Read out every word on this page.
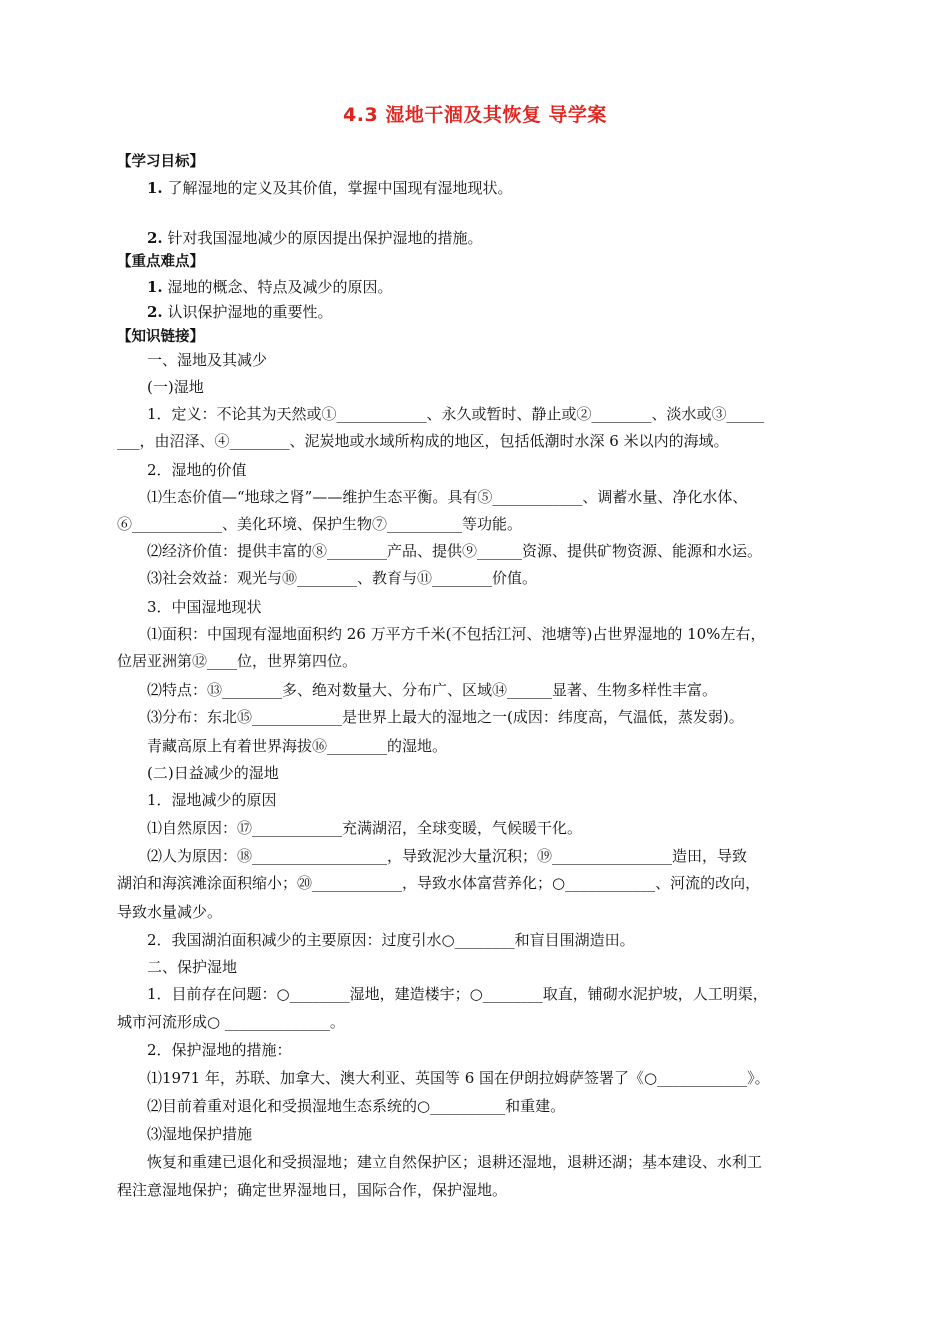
4.3 湿地干涸及其恢复 导学案
【学习目标】
1. 了解湿地的定义及其价值，掌握中国现有湿地现状。
2. 针对我国湿地减少的原因提出保护湿地的措施。
【重点难点】
1. 湿地的概念、特点及减少的原因。
2. 认识保护湿地的重要性。
【知识链接】
一、湿地及其减少
(一)湿地
1．定义：不论其为天然或①____________、永久或暂时、静止或②________、淡水或③_____
___，由沼泽、④________、泥炭地或水域所构成的地区，包括低潮时水深 6 米以内的海域。
2．湿地的价值
⑴生态价值—“地球之肾”——维护生态平衡。具有⑤____________、调蓄水量、净化水体、
⑥____________、美化环境、保护生物⑦__________等功能。
⑵经济价值：提供丰富的⑧________产品、提供⑨______资源、提供矿物资源、能源和水运。
⑶社会效益：观光与⑩________、教育与⑪________价值。
3．中国湿地现状
⑴面积：中国现有湿地面积约 26 万平方千米(不包括江河、池塘等)占世界湿地的 10%左右，
位居亚洲第⑫____位，世界第四位。
⑵特点：⑬________多、绝对数量大、分布广、区域⑭______显著、生物多样性丰富。
⑶分布：东北⑮____________是世界上最大的湿地之一(成因：纬度高，气温低，蒸发弱)。
青藏高原上有着世界海拔⑯________的湿地。
(二)日益减少的湿地
1．湿地减少的原因
⑴自然原因：⑰____________充满湖沼，全球变暖，气候暖干化。
⑵人为原因：⑱__________________，导致泥沙大量沉积；⑲________________造田，导致
湖泊和海滨滩涂面积缩小；⑳____________，导致水体富营养化；○____________、河流的改向，
导致水量减少。
2．我国湖泊面积减少的主要原因：过度引水○________和盲目围湖造田。
二、保护湿地
1．目前存在问题：○________湿地，建造楼宇；○________取直，铺砌水泥护坡，人工明渠，
城市河流形成○ ______________。
2．保护湿地的措施：
⑴1971 年，苏联、加拿大、澳大利亚、英国等 6 国在伊朗拉姆萨签署了《○____________》。
⑵目前着重对退化和受损湿地生态系统的○__________和重建。
⑶湿地保护措施
恢复和重建已退化和受损湿地；建立自然保护区；退耕还湿地，退耕还湖；基本建设、水利工
程注意湿地保护；确定世界湿地日，国际合作，保护湿地。
